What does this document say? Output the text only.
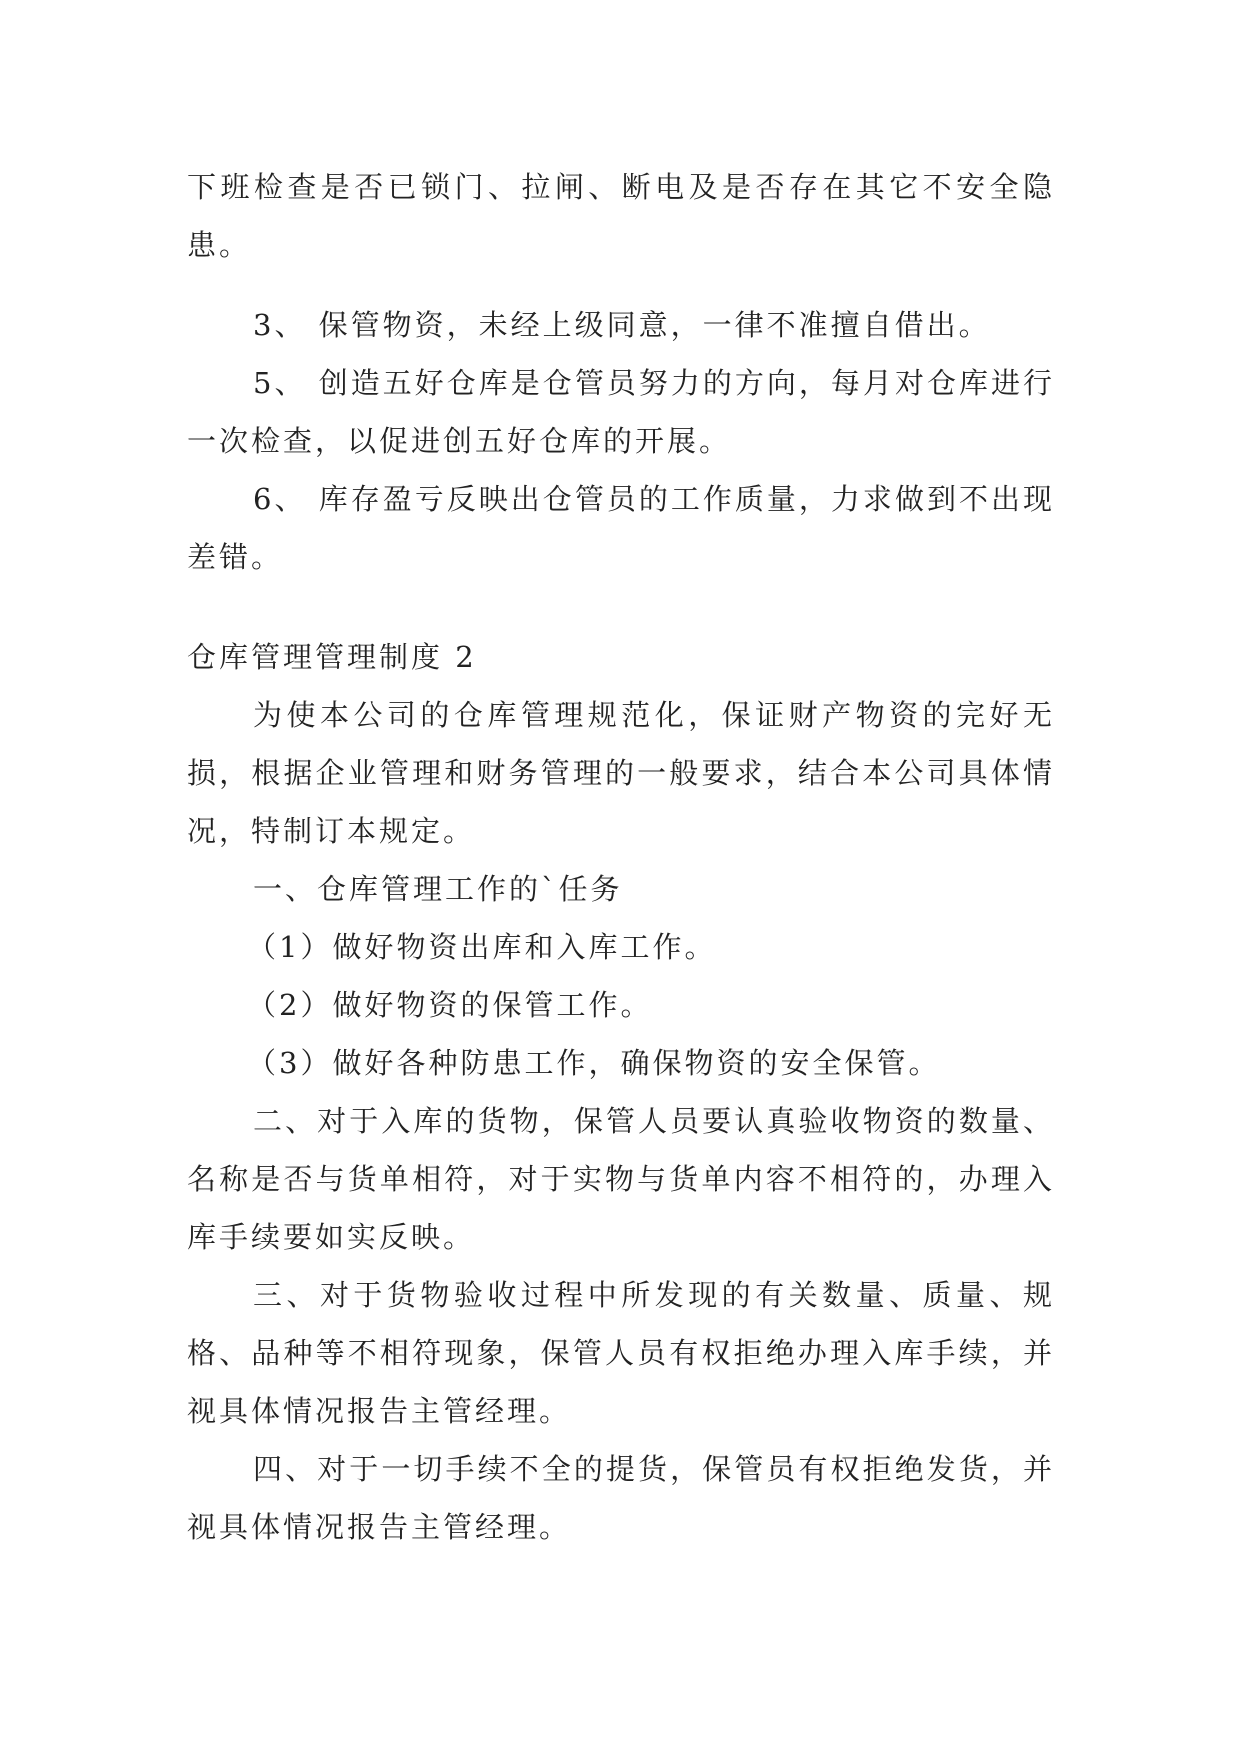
下班检查是否已锁门、拉闸、断电及是否存在其它不安全隐患。

3、 保管物资，未经上级同意，一律不准擅自借出。

5、 创造五好仓库是仓管员努力的方向，每月对仓库进行一次检查，以促进创五好仓库的开展。

6、 库存盈亏反映出仓管员的工作质量，力求做到不出现差错。

仓库管理管理制度 2

为使本公司的仓库管理规范化，保证财产物资的完好无损，根据企业管理和财务管理的一般要求，结合本公司具体情况，特制订本规定。

一、仓库管理工作的`任务

（1）做好物资出库和入库工作。

（2）做好物资的保管工作。

（3）做好各种防患工作，确保物资的安全保管。

二、对于入库的货物，保管人员要认真验收物资的数量、名称是否与货单相符，对于实物与货单内容不相符的，办理入库手续要如实反映。

三、对于货物验收过程中所发现的有关数量、质量、规格、品种等不相符现象，保管人员有权拒绝办理入库手续，并视具体情况报告主管经理。

四、对于一切手续不全的提货，保管员有权拒绝发货，并视具体情况报告主管经理。
